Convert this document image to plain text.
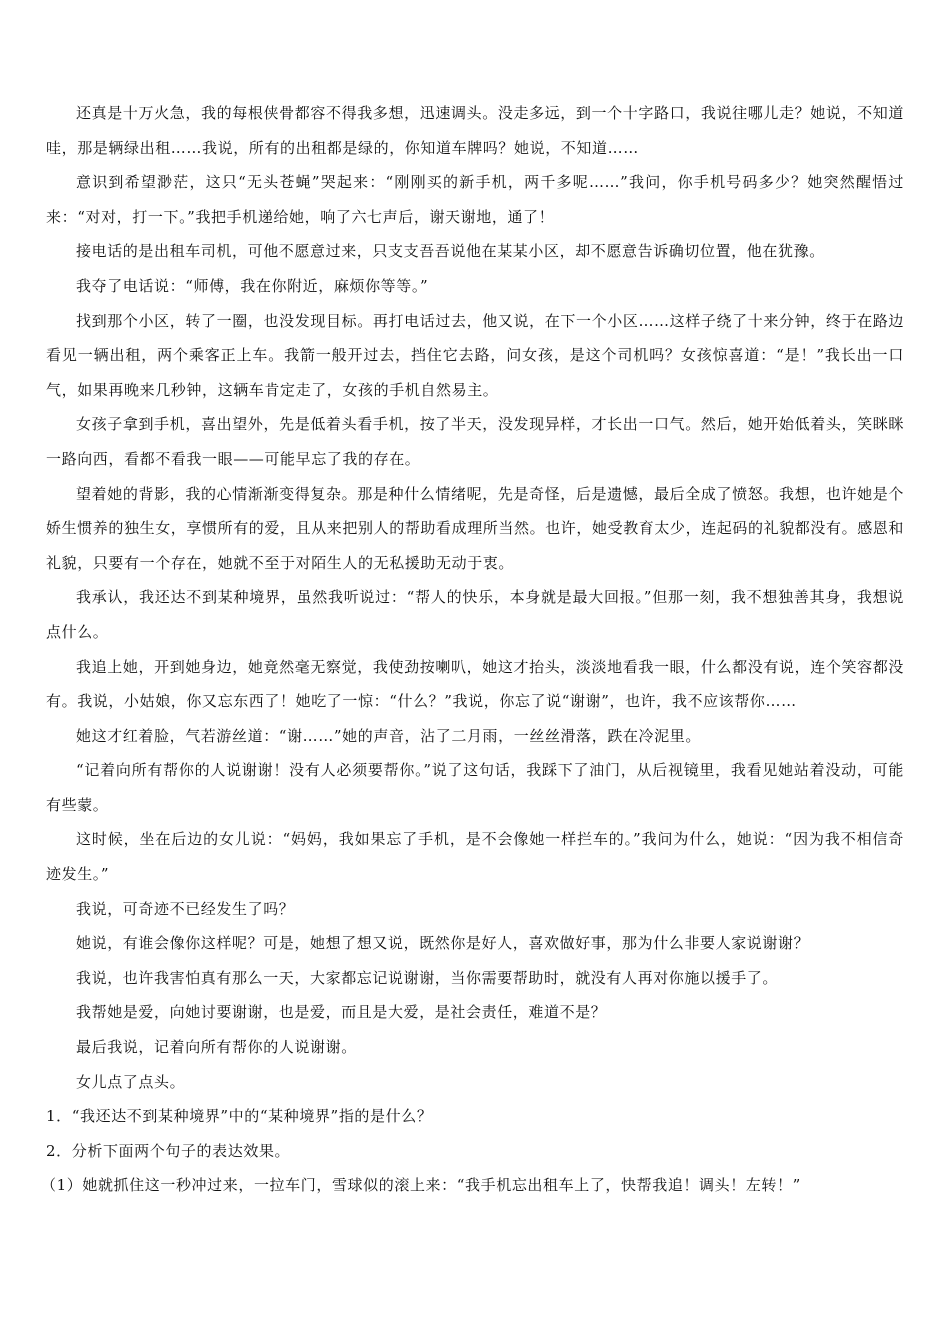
还真是十万火急，我的每根侠骨都容不得我多想，迅速调头。没走多远，到一个十字路口，我说往哪儿走？她说，不知道哇，那是辆绿出租……我说，所有的出租都是绿的，你知道车牌吗？她说，不知道……

意识到希望渺茫，这只“无头苍蝇”哭起来：“刚刚买的新手机，两千多呢……”我问，你手机号码多少？她突然醒悟过来：“对对，打一下。”我把手机递给她，响了六七声后，谢天谢地，通了！

接电话的是出租车司机，可他不愿意过来，只支支吾吾说他在某某小区，却不愿意告诉确切位置，他在犹豫。

我夺了电话说：“师傅，我在你附近，麻烦你等等。”

找到那个小区，转了一圈，也没发现目标。再打电话过去，他又说，在下一个小区……这样子绕了十来分钟，终于在路边看见一辆出租，两个乘客正上车。我箭一般开过去，挡住它去路，问女孩，是这个司机吗？女孩惊喜道：“是！”我长出一口气，如果再晚来几秒钟，这辆车肯定走了，女孩的手机自然易主。

女孩子拿到手机，喜出望外，先是低着头看手机，按了半天，没发现异样，才长出一口气。然后，她开始低着头，笑眯眯一路向西，看都不看我一眼——可能早忘了我的存在。

望着她的背影，我的心情渐渐变得复杂。那是种什么情绪呢，先是奇怪，后是遗憾，最后全成了愤怒。我想，也许她是个娇生惯养的独生女，享惯所有的爱，且从来把别人的帮助看成理所当然。也许，她受教育太少，连起码的礼貌都没有。感恩和礼貌，只要有一个存在，她就不至于对陌生人的无私援助无动于衷。

我承认，我还达不到某种境界，虽然我听说过：“帮人的快乐，本身就是最大回报。”但那一刻，我不想独善其身，我想说点什么。

我追上她，开到她身边，她竟然毫无察觉，我使劲按喇叭，她这才抬头，淡淡地看我一眼，什么都没有说，连个笑容都没有。我说，小姑娘，你又忘东西了！她吃了一惊：“什么？”我说，你忘了说“谢谢”，也许，我不应该帮你……

她这才红着脸，气若游丝道：“谢……”她的声音，沾了二月雨，一丝丝滑落，跌在冷泥里。

“记着向所有帮你的人说谢谢！没有人必须要帮你。”说了这句话，我踩下了油门，从后视镜里，我看见她站着没动，可能有些蒙。

这时候，坐在后边的女儿说：“妈妈，我如果忘了手机，是不会像她一样拦车的。”我问为什么，她说：“因为我不相信奇迹发生。”

我说，可奇迹不已经发生了吗？

她说，有谁会像你这样呢？可是，她想了想又说，既然你是好人，喜欢做好事，那为什么非要人家说谢谢？

我说，也许我害怕真有那么一天，大家都忘记说谢谢，当你需要帮助时，就没有人再对你施以援手了。

我帮她是爱，向她讨要谢谢，也是爱，而且是大爱，是社会责任，难道不是？

最后我说，记着向所有帮你的人说谢谢。

女儿点了点头。

1．“我还达不到某种境界”中的“某种境界”指的是什么？

2．分析下面两个句子的表达效果。

（1）她就抓住这一秒冲过来，一拉车门，雪球似的滚上来：“我手机忘出租车上了，快帮我追！调头！左转！”
